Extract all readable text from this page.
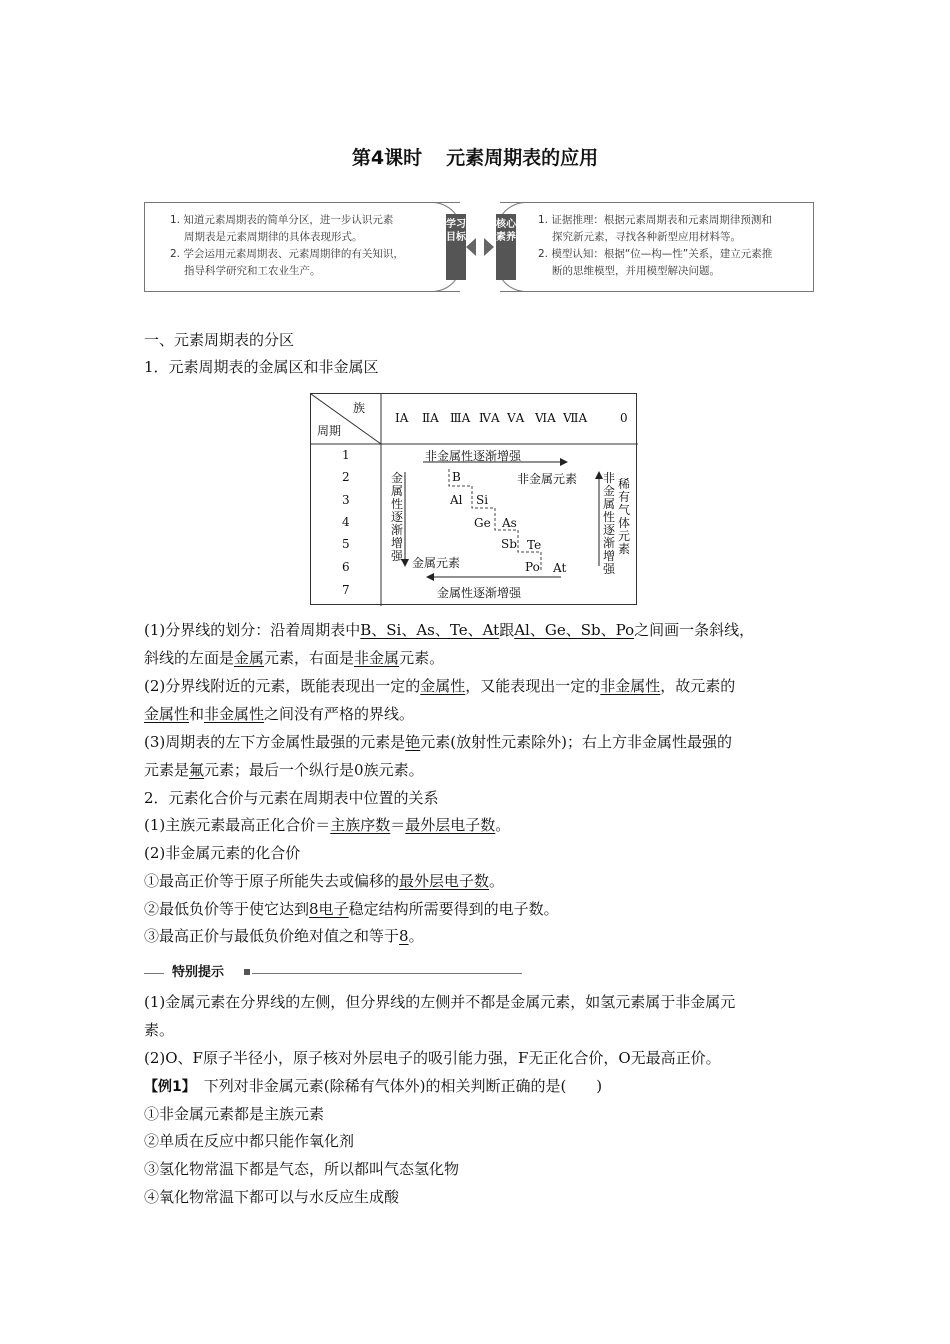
第4课时 元素周期表的应用

1. 知道元素周期表的简单分区，进一步认识元素

周期表是元素周期律的具体表现形式。

2. 学会运用元素周期表、元素周期律的有关知识，

指导科学研究和工农业生产。

学习目标
核心素养

1. 证据推理：根据元素周期表和元素周期律预测和

探究新元素，寻找各种新型应用材料等。

2. 模型认知：根据“位—构—性”关系，建立元素推

断的思维模型，并用模型解决问题。

一、元素周期表的分区
1．元素周期表的金属区和非金属区
族
周期
ⅠA ⅡA ⅢA ⅣA ⅤA ⅥA ⅦA	0
1
2
3
4
5
6
7
非金属性逐渐增强
金属性逐渐增强
金属性逐渐增强
非金属性逐渐增强
稀有气体元素
非金属元素
金属元素
B
Al Si
Ge As
Sb Te
Po At
(1)分界线的划分：沿着周期表中B、Si、As、Te、At跟Al、Ge、Sb、Po之间画一条斜线，
斜线的左面是金属元素，右面是非金属元素。
(2)分界线附近的元素，既能表现出一定的金属性，又能表现出一定的非金属性，故元素的
金属性和非金属性之间没有严格的界线。
(3)周期表的左下方金属性最强的元素是铯元素(放射性元素除外)；右上方非金属性最强的
元素是氟元素；最后一个纵行是0族元素。
2．元素化合价与元素在周期表中位置的关系
(1)主族元素最高正化合价＝主族序数＝最外层电子数。
(2)非金属元素的化合价
①最高正价等于原子所能失去或偏移的最外层电子数。
②最低负价等于使它达到8电子稳定结构所需要得到的电子数。
③最高正价与最低负价绝对值之和等于8。
特别提示
(1)金属元素在分界线的左侧，但分界线的左侧并不都是金属元素，如氢元素属于非金属元
素。
(2)O、F原子半径小，原子核对外层电子的吸引能力强，F无正化合价，O无最高正价。
【例1】 下列对非金属元素(除稀有气体外)的相关判断正确的是(　　)
①非金属元素都是主族元素
②单质在反应中都只能作氧化剂
③氢化物常温下都是气态，所以都叫气态氢化物
④氧化物常温下都可以与水反应生成酸
